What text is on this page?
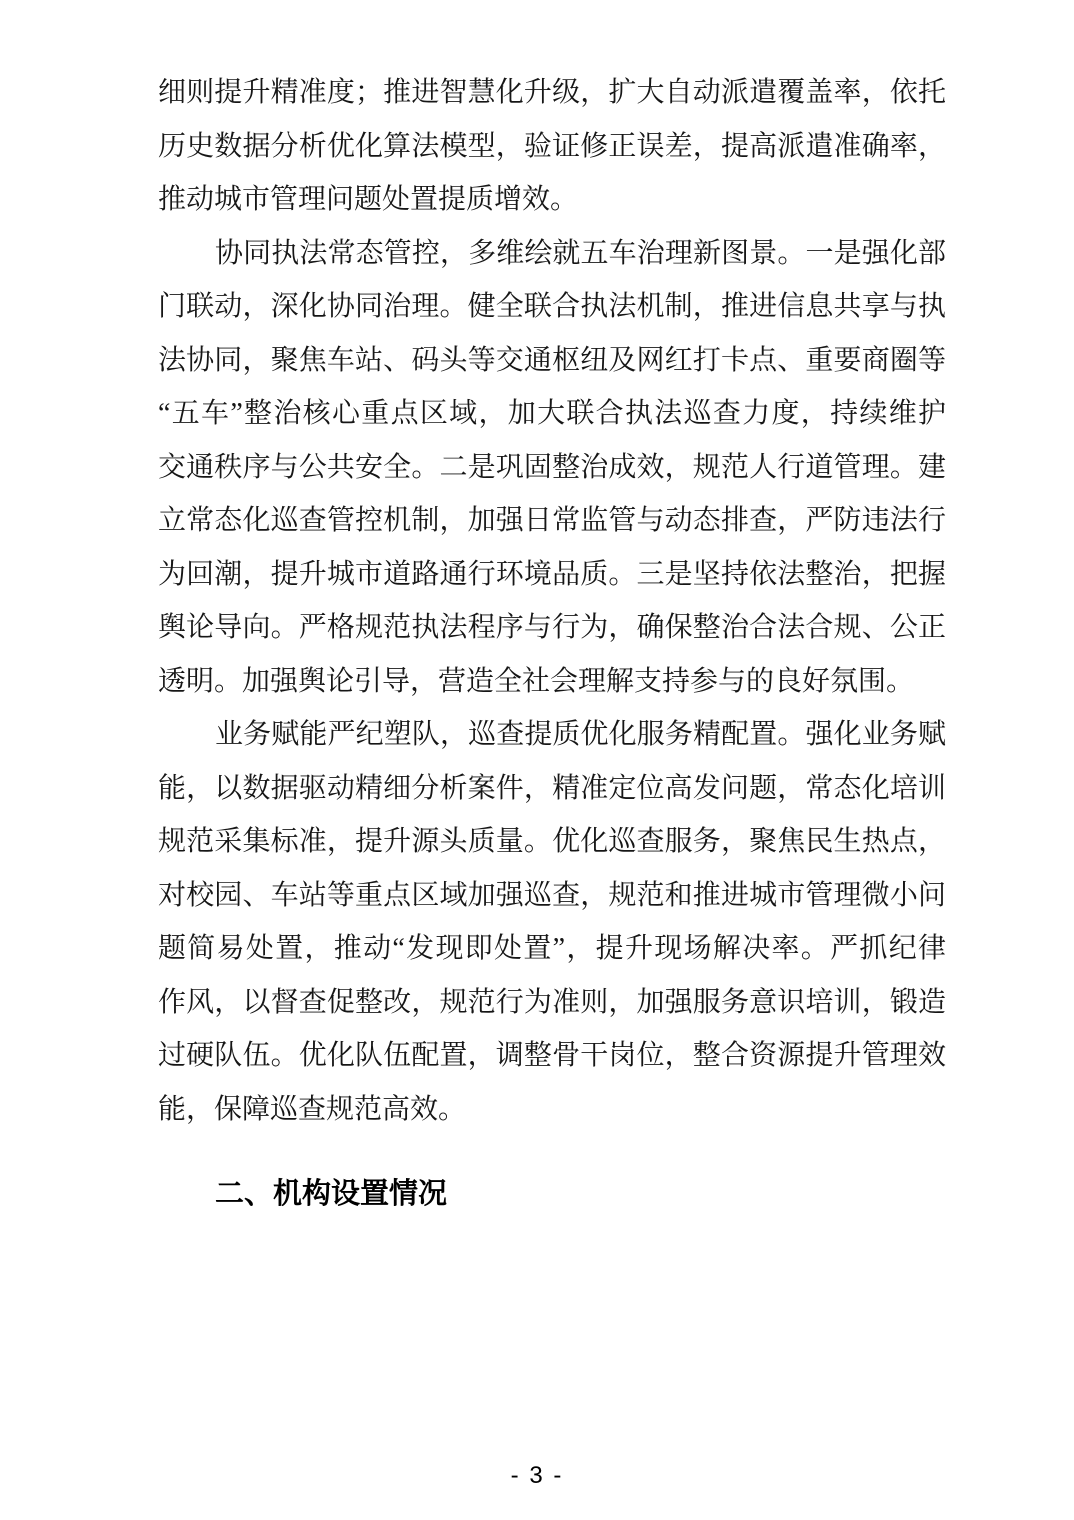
细则提升精准度；推进智慧化升级，扩大自动派遣覆盖率，依托
历史数据分析优化算法模型，验证修正误差，提高派遣准确率，
推动城市管理问题处置提质增效。
协同执法常态管控，多维绘就五车治理新图景。一是强化部
门联动，深化协同治理。健全联合执法机制，推进信息共享与执
法协同，聚焦车站、码头等交通枢纽及网红打卡点、重要商圈等
“五车”整治核心重点区域，加大联合执法巡查力度，持续维护
交通秩序与公共安全。二是巩固整治成效，规范人行道管理。建
立常态化巡查管控机制，加强日常监管与动态排查，严防违法行
为回潮，提升城市道路通行环境品质。三是坚持依法整治，把握
舆论导向。严格规范执法程序与行为，确保整治合法合规、公正
透明。加强舆论引导，营造全社会理解支持参与的良好氛围。
业务赋能严纪塑队，巡查提质优化服务精配置。强化业务赋
能，以数据驱动精细分析案件，精准定位高发问题，常态化培训
规范采集标准，提升源头质量。优化巡查服务，聚焦民生热点，
对校园、车站等重点区域加强巡查，规范和推进城市管理微小问
题简易处置，推动“发现即处置”，提升现场解决率。严抓纪律
作风，以督查促整改，规范行为准则，加强服务意识培训，锻造
过硬队伍。优化队伍配置，调整骨干岗位，整合资源提升管理效
能，保障巡查规范高效。
二、机构设置情况
- 3 -
